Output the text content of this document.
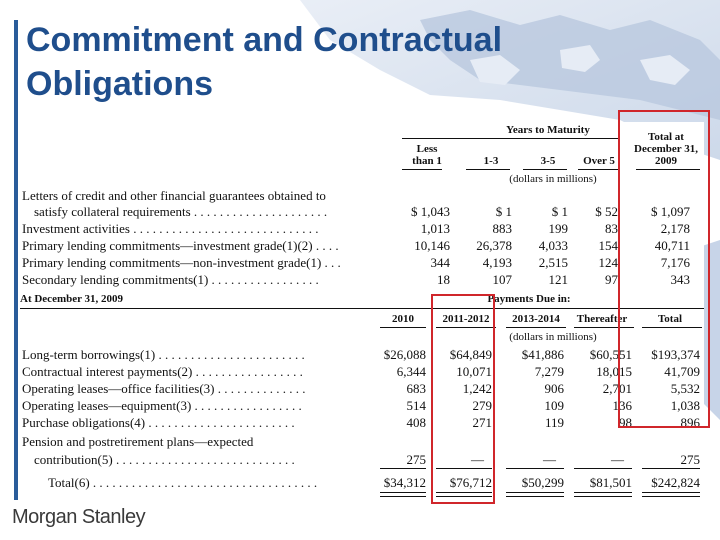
Commitment and Contractual
Obligations
Years to Maturity
Less
than 1	1-3	3-5	Over 5
Total at
December 31,
2009
(dollars in millions)
Letters of credit and other financial guarantees obtained to
satisfy collateral requirements . . . . . . . . . . . . . . . . . . . . .	$ 1,043	$ 1	$ 1	$ 52	$ 1,097
Investment activities . . . . . . . . . . . . . . . . . . . . . . . . . . . . .	1,013	883	199	83	2,178
Primary lending commitments—investment grade(1)(2) . . . .	10,146	26,378	4,033	154	40,711
Primary lending commitments—non-investment grade(1) . . .	344	4,193	2,515	124	7,176
Secondary lending commitments(1) . . . . . . . . . . . . . . . . .	18	107	121	97	343
At December 31, 2009	Payments Due in:
2010	2011-2012	2013-2014	Thereafter	Total
(dollars in millions)
Long-term borrowings(1) . . . . . . . . . . . . . . . . . . . . . . .	$26,088	$64,849	$41,886	$60,551	$193,374
Contractual interest payments(2) . . . . . . . . . . . . . . . . .	6,344	10,071	7,279	18,015	41,709
Operating leases—office facilities(3) . . . . . . . . . . . . . .	683	1,242	906	2,701	5,532
Operating leases—equipment(3) . . . . . . . . . . . . . . . . .	514	279	109	136	1,038
Purchase obligations(4) . . . . . . . . . . . . . . . . . . . . . . .	408	271	119	98	896
Pension and postretirement plans—expected
contribution(5) . . . . . . . . . . . . . . . . . . . . . . . . . . . .	275	—	—	—	275
Total(6) . . . . . . . . . . . . . . . . . . . . . . . . . . . . . . . . . . .	$34,312	$76,712	$50,299	$81,501	$242,824
Morgan Stanley
